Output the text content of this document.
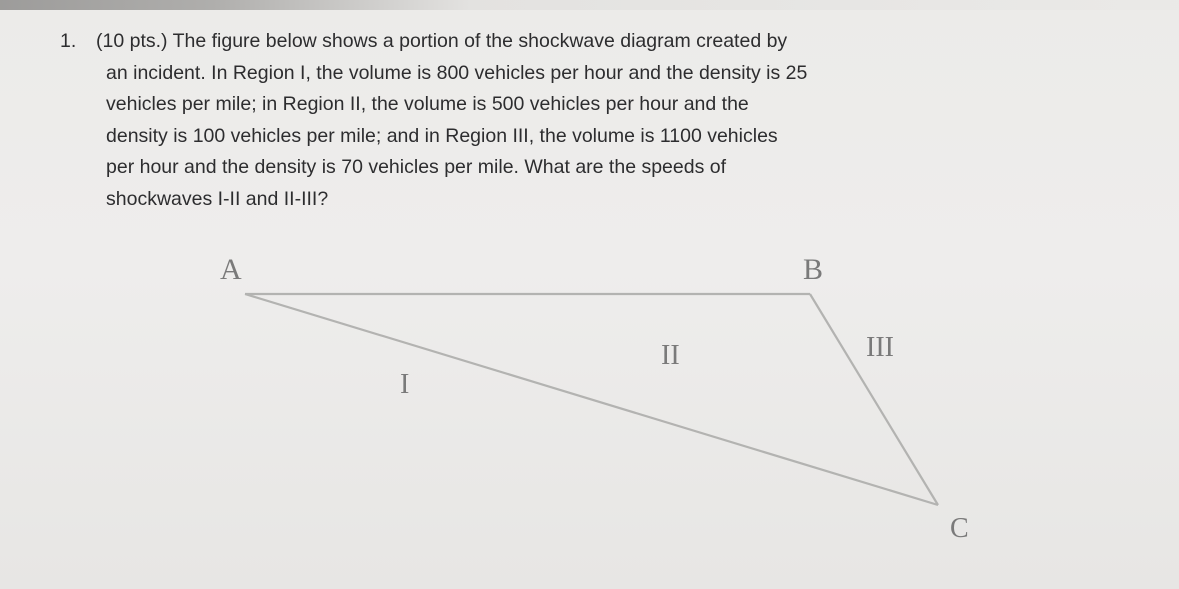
1.	(10 pts.) The figure below shows a portion of the shockwave diagram created by
an incident. In Region I, the volume is 800 vehicles per hour and the density is 25
vehicles per mile; in Region II, the volume is 500 vehicles per hour and the
density is 100 vehicles per mile; and in Region III, the volume is 1100 vehicles
per hour and the density is 70 vehicles per mile. What are the speeds of
shockwaves I-II and II-III?
A	B
C
I
II	III
